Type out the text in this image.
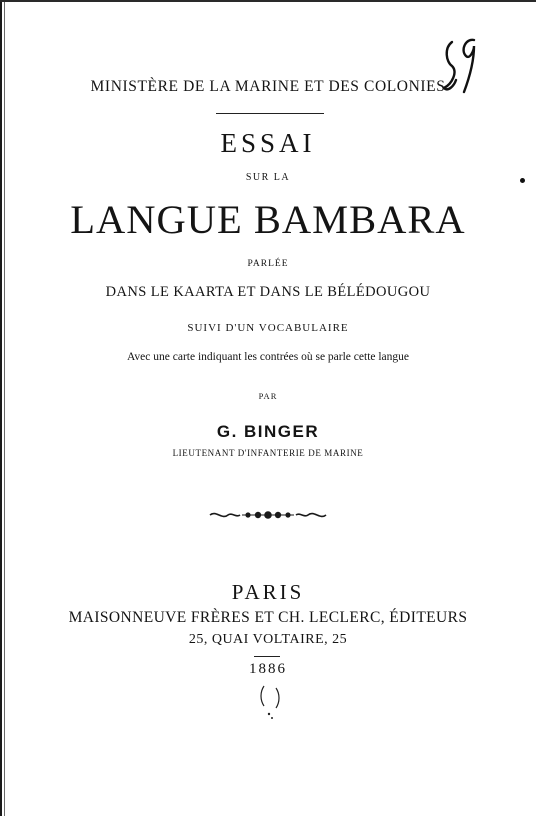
MINISTÈRE DE LA MARINE ET DES COLONIES
ESSAI
SUR LA
LANGUE BAMBARA
PARLÉE
DANS LE KAARTA ET DANS LE BÉLÉDOUGOU
SUIVI D'UN VOCABULAIRE
Avec une carte indiquant les contrées où se parle cette langue
PAR
G. BINGER
LIEUTENANT D'INFANTERIE DE MARINE
PARIS
MAISONNEUVE FRÈRES ET CH. LECLERC, ÉDITEURS
25, QUAI VOLTAIRE, 25
1886
